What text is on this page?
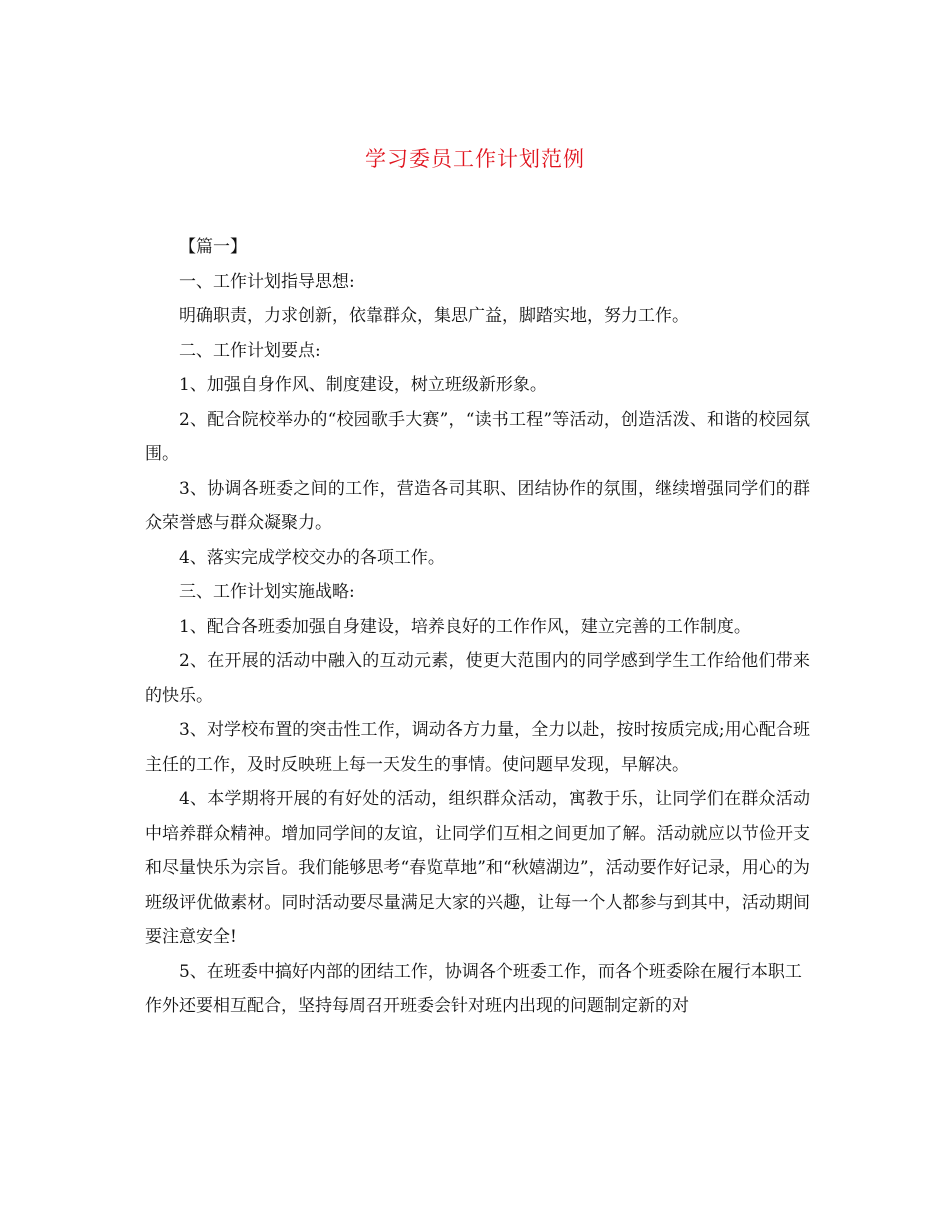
学习委员工作计划范例

【篇一】

一、工作计划指导思想:

明确职责，力求创新，依靠群众，集思广益，脚踏实地，努力工作。

二、工作计划要点:

1、加强自身作风、制度建设，树立班级新形象。

2、配合院校举办的“校园歌手大赛”，“读书工程”等活动，创造活泼、和谐的校园氛围。

3、协调各班委之间的工作，营造各司其职、团结协作的氛围，继续增强同学们的群众荣誉感与群众凝聚力。

4、落实完成学校交办的各项工作。

三、工作计划实施战略:

1、配合各班委加强自身建设，培养良好的工作作风，建立完善的工作制度。

2、在开展的活动中融入的互动元素，使更大范围内的同学感到学生工作给他们带来的快乐。

3、对学校布置的突击性工作，调动各方力量，全力以赴，按时按质完成;用心配合班主任的工作，及时反映班上每一天发生的事情。使问题早发现，早解决。

4、本学期将开展的有好处的活动，组织群众活动，寓教于乐，让同学们在群众活动中培养群众精神。增加同学间的友谊，让同学们互相之间更加了解。活动就应以节俭开支和尽量快乐为宗旨。我们能够思考“春览草地”和“秋嬉湖边”，活动要作好记录，用心的为班级评优做素材。同时活动要尽量满足大家的兴趣，让每一个人都参与到其中，活动期间要注意安全!

5、在班委中搞好内部的团结工作，协调各个班委工作，而各个班委除在履行本职工作外还要相互配合，坚持每周召开班委会针对班内出现的问题制定新的对
